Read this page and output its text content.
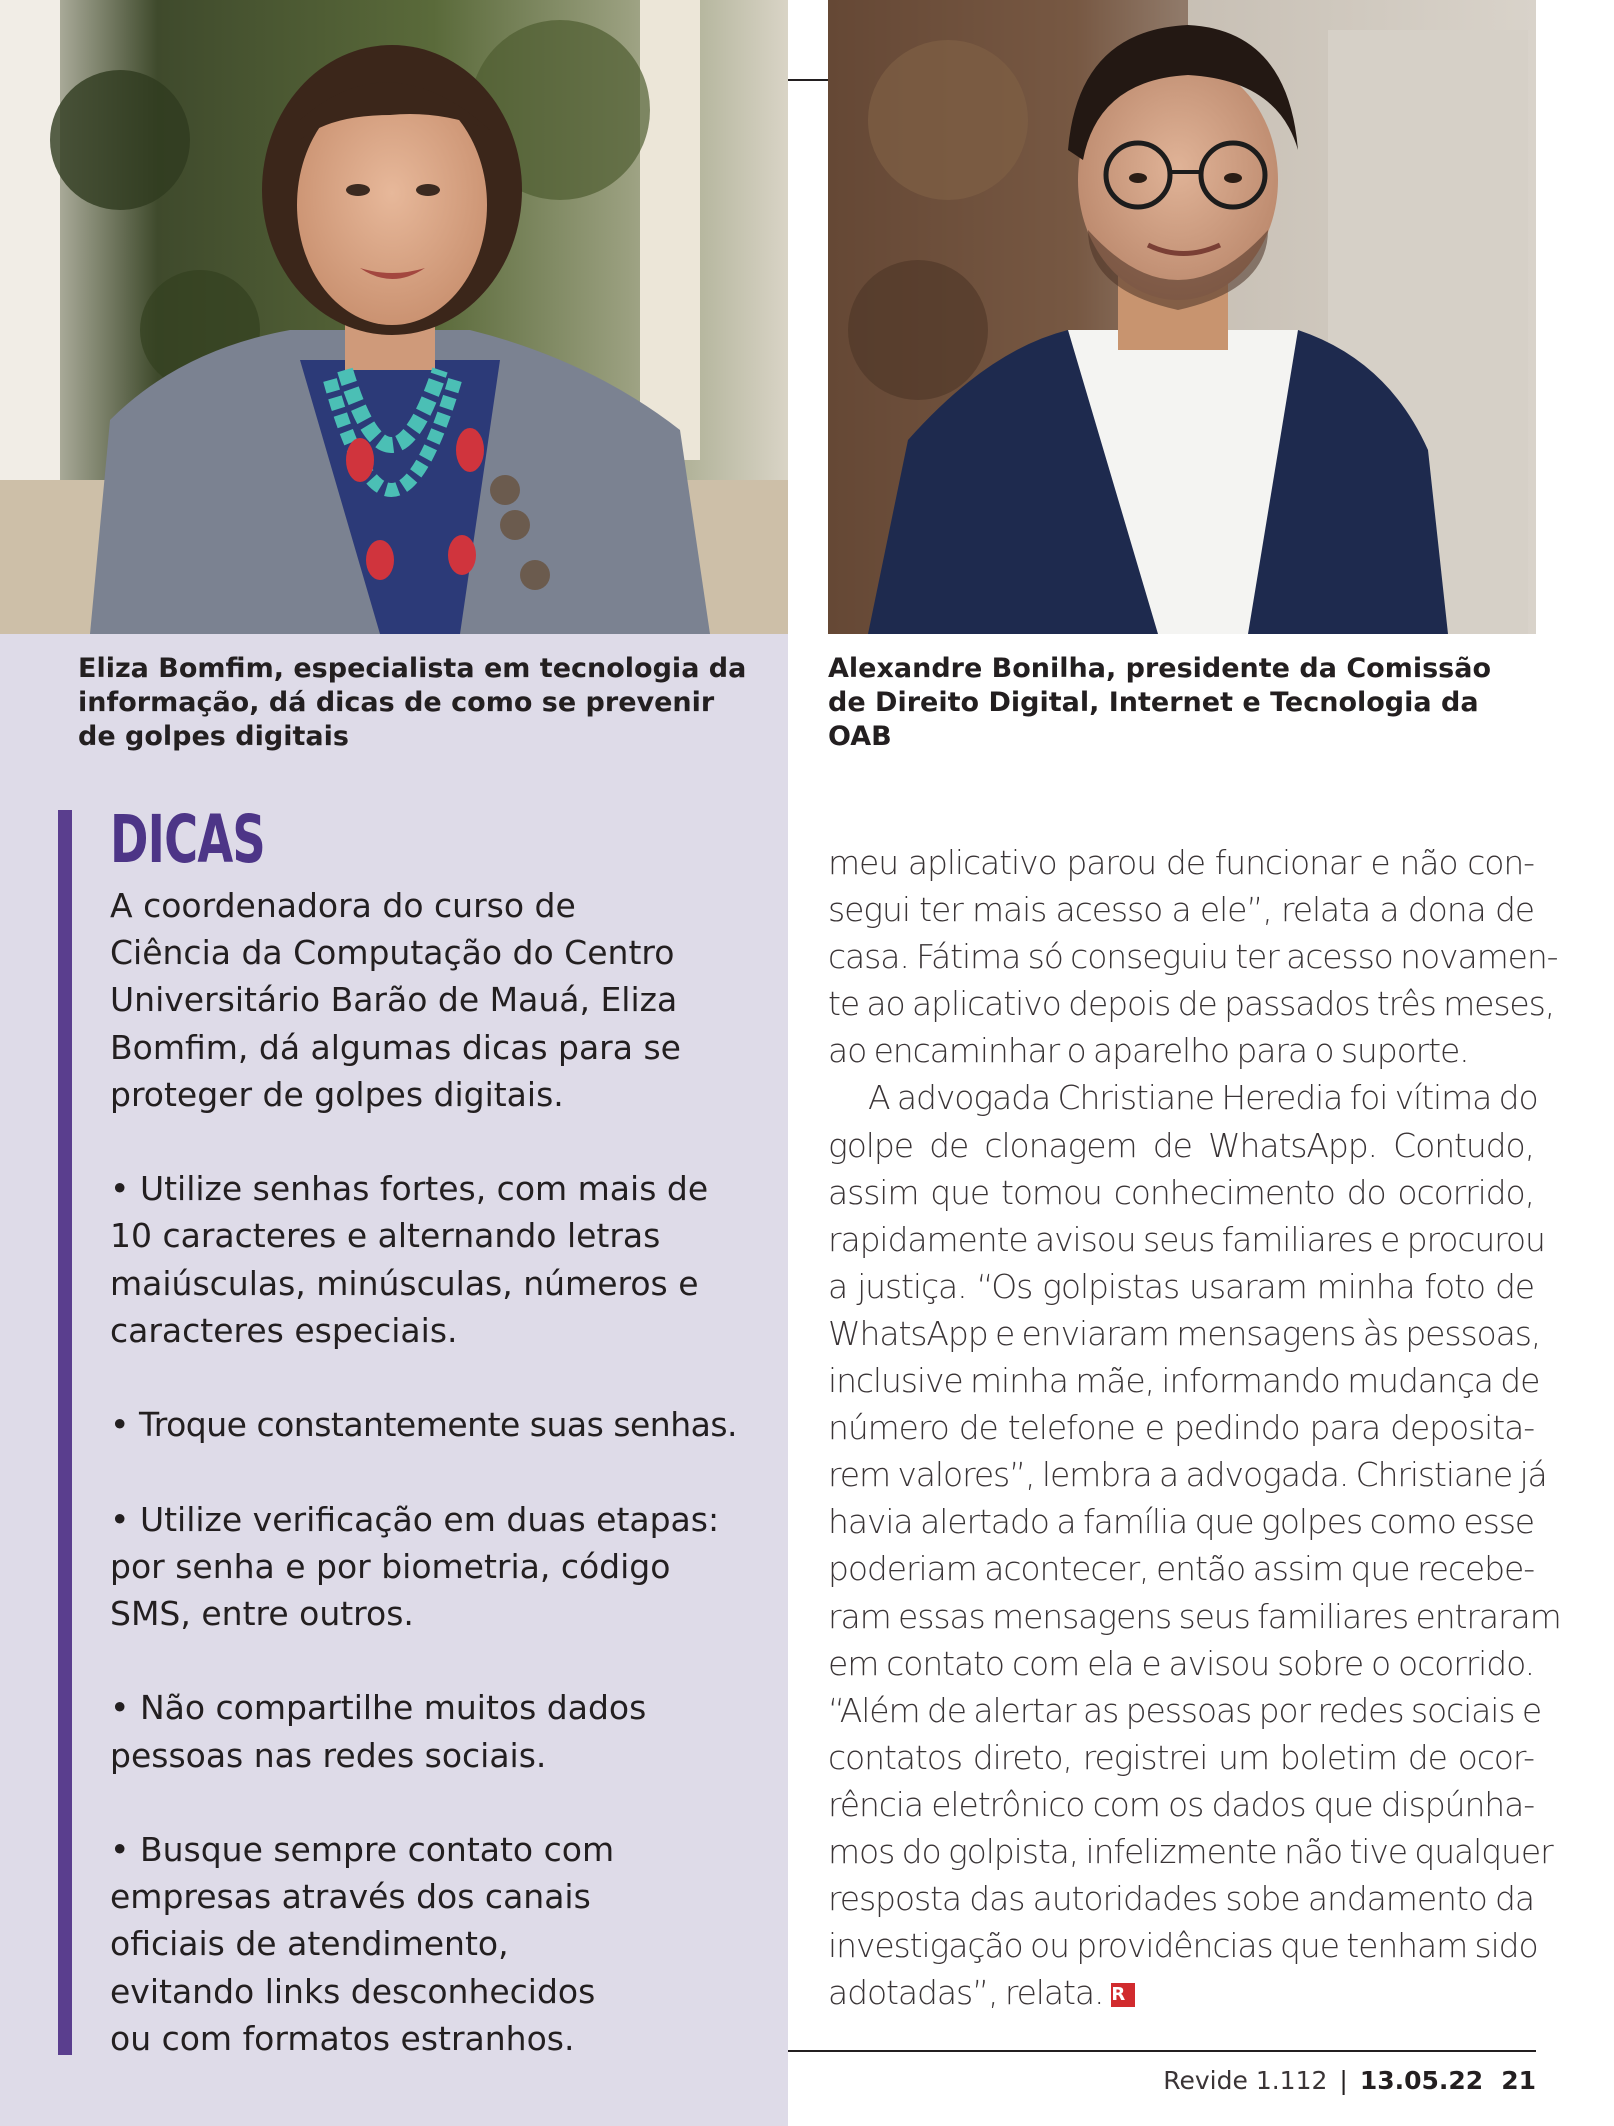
Eliza Bomfim, especialista em tecnologia da informação, dá dicas de como se prevenir de golpes digitais

Alexandre Bonilha, presidente da Comissão de Direito Digital, Internet e Tecnologia da OAB

DICAS

A coordenadora do curso de
Ciência da Computação do Centro
Universitário Barão de Mauá, Eliza
Bomfim, dá algumas dicas para se
proteger de golpes digitais.

• Utilize senhas fortes, com mais de
10 caracteres e alternando letras
maiúsculas, minúsculas, números e
caracteres especiais.

• Troque constantemente suas senhas.

• Utilize verificação em duas etapas:
por senha e por biometria, código
SMS, entre outros.

• Não compartilhe muitos dados
pessoas nas redes sociais.

• Busque sempre contato com
empresas através dos canais
oficiais de atendimento,
evitando links desconhecidos
ou com formatos estranhos.

meu aplicativo parou de funcionar e não con-
segui ter mais acesso a ele”, relata a dona de
casa. Fátima só conseguiu ter acesso novamen-
te ao aplicativo depois de passados três meses,
ao encaminhar o aparelho para o suporte.
A advogada Christiane Heredia foi vítima do
golpe de clonagem de WhatsApp. Contudo,
assim que tomou conhecimento do ocorrido,
rapidamente avisou seus familiares e procurou
a justiça. “Os golpistas usaram minha foto de
WhatsApp e enviaram mensagens às pessoas,
inclusive minha mãe, informando mudança de
número de telefone e pedindo para deposita-
rem valores”, lembra a advogada. Christiane já
havia alertado a família que golpes como esse
poderiam acontecer, então assim que recebe-
ram essas mensagens seus familiares entraram
em contato com ela e avisou sobre o ocorrido.
“Além de alertar as pessoas por redes sociais e
contatos direto, registrei um boletim de ocor-
rência eletrônico com os dados que dispúnha-
mos do golpista, infelizmente não tive qualquer
resposta das autoridades sobe andamento da
investigação ou providências que tenham sido
adotadas”, relata. R
Revide 1.112 | 13.05.22 21
